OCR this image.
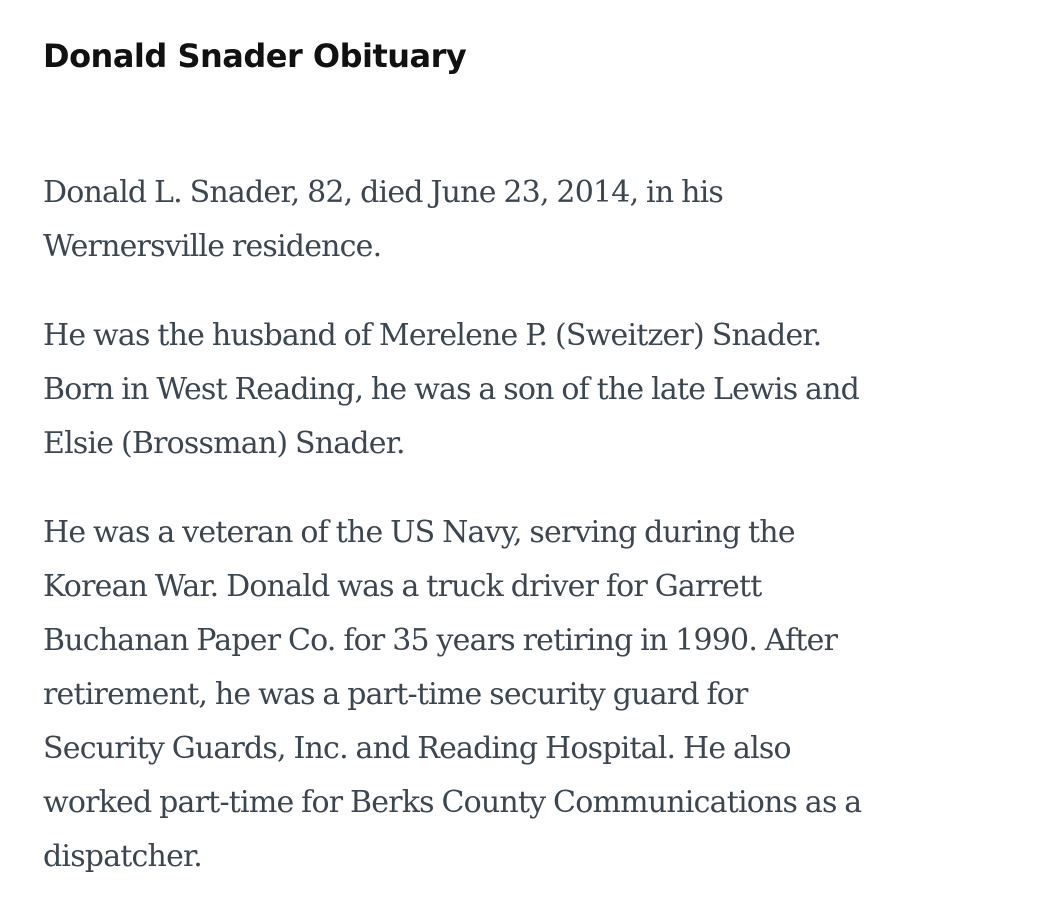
Donald Snader Obituary

Donald L. Snader, 82, died June 23, 2014, in his Wernersville residence.

He was the husband of Merelene P. (Sweitzer) Snader. Born in West Reading, he was a son of the late Lewis and Elsie (Brossman) Snader.

He was a veteran of the US Navy, serving during the Korean War. Donald was a truck driver for Garrett Buchanan Paper Co. for 35 years retiring in 1990. After retirement, he was a part-time security guard for Security Guards, Inc. and Reading Hospital. He also worked part-time for Berks County Communications as a dispatcher.
